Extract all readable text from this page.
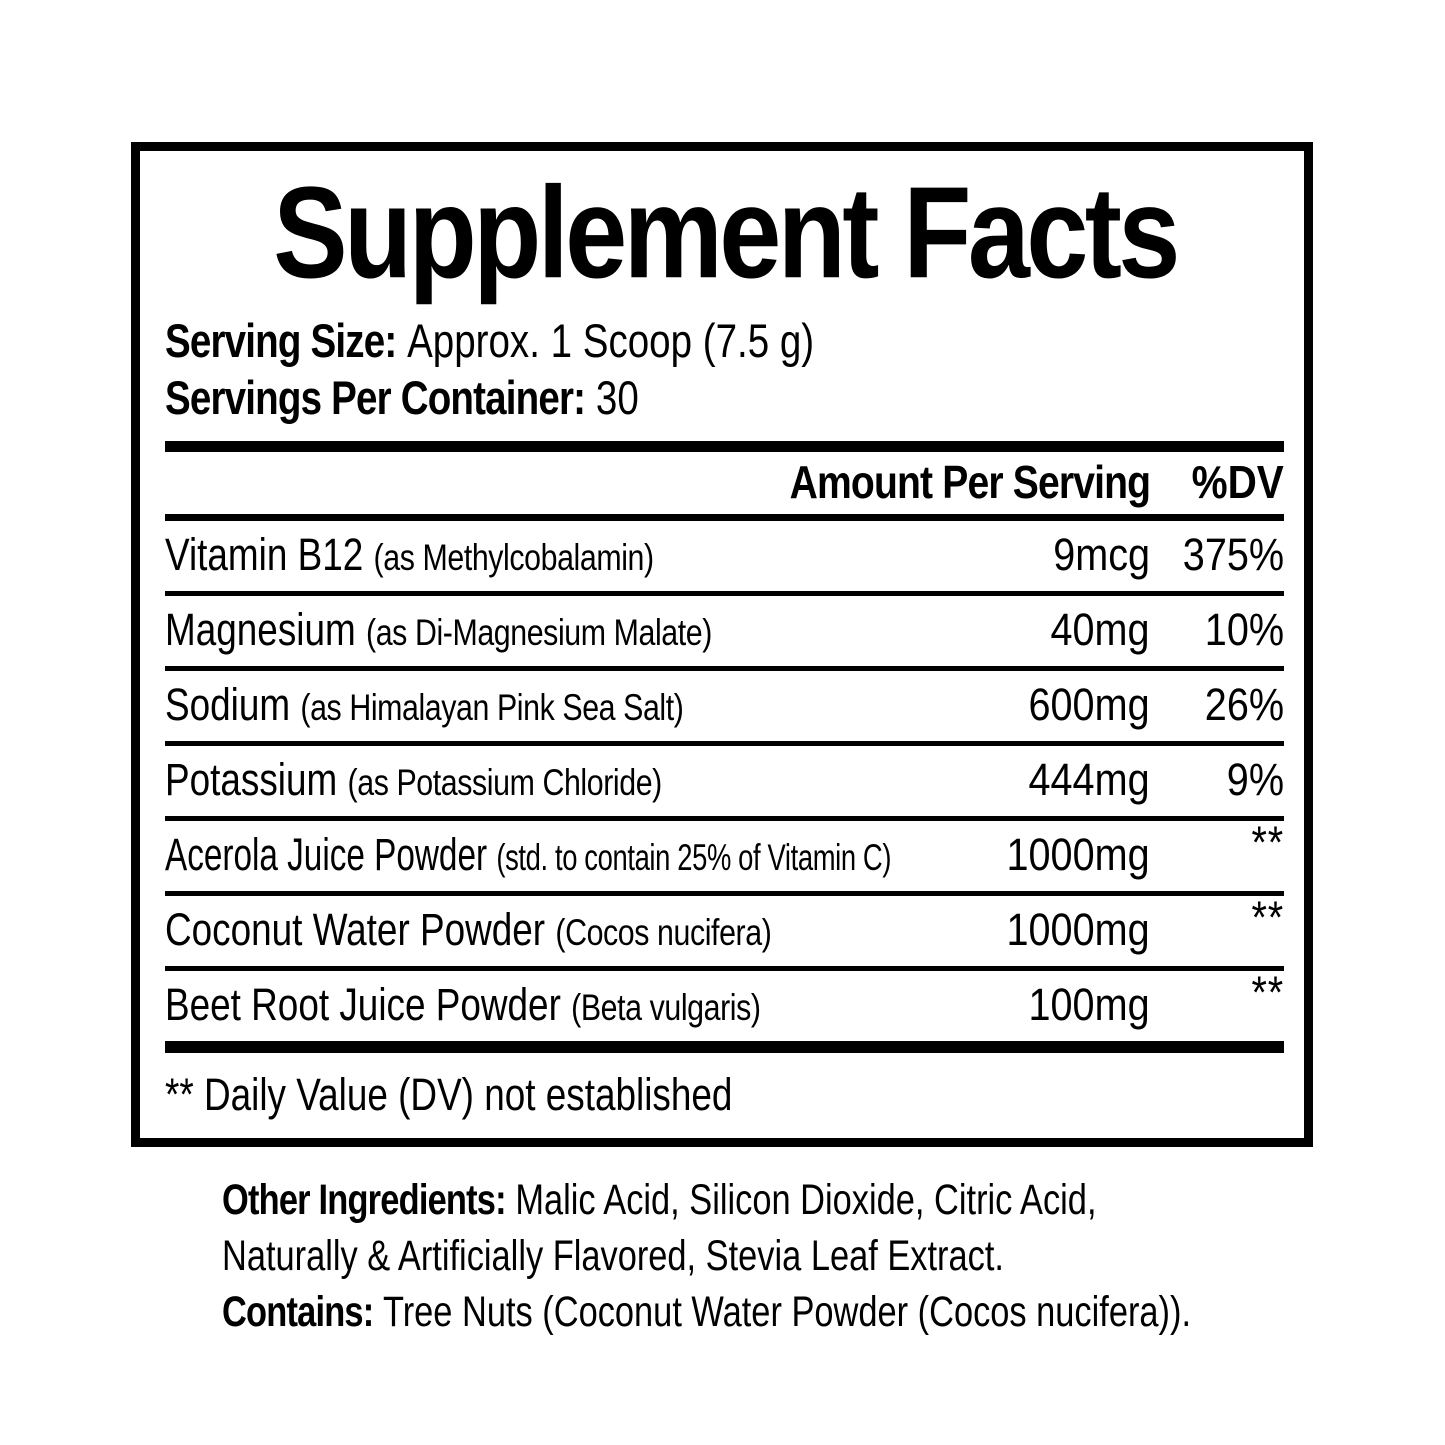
Supplement Facts
Serving Size: Approx. 1 Scoop (7.5 g)
Servings Per Container: 30
Amount Per Serving %DV
Vitamin B12 (as Methylcobalamin)	9mcg 375%
Magnesium (as Di-Magnesium Malate)	40mg 10%
Sodium (as Himalayan Pink Sea Salt)	600mg 26%
Potassium (as Potassium Chloride)	444mg 9%
Acerola Juice Powder (std. to contain 25% of Vitamin C)	1000mg **
Coconut Water Powder (Cocos nucifera)	1000mg **
Beet Root Juice Powder (Beta vulgaris)	100mg **
** Daily Value (DV) not established
Other Ingredients: Malic Acid, Silicon Dioxide, Citric Acid,
Naturally & Artificially Flavored, Stevia Leaf Extract.
Contains: Tree Nuts (Coconut Water Powder (Cocos nucifera)).
